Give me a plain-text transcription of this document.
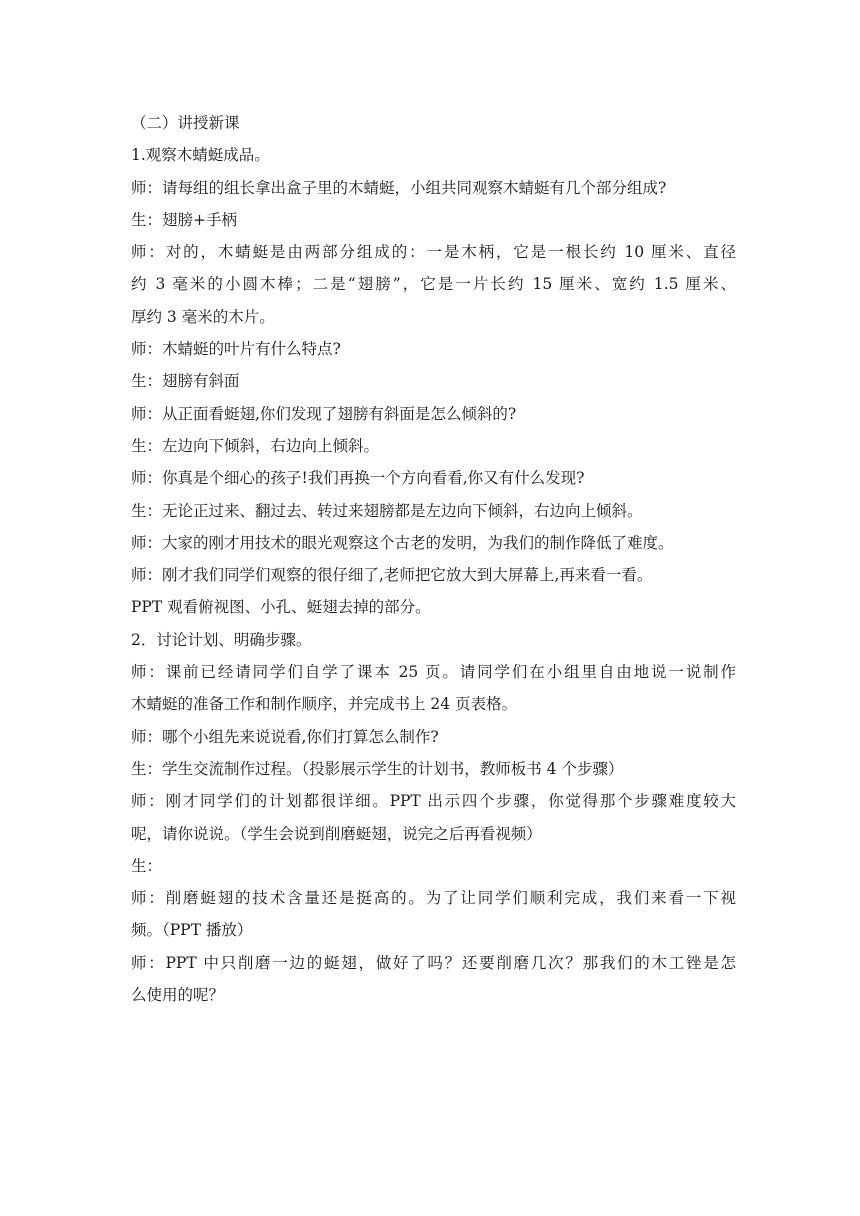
（二）讲授新课
1.观察木蜻蜓成品。
师：请每组的组长拿出盒子里的木蜻蜓，小组共同观察木蜻蜓有几个部分组成?
生：翅膀+手柄
师：对的，木蜻蜓是由两部分组成的：一是木柄，它是一根长约 10 厘米、直径
约 3 毫米的小圆木棒；二是“翅膀”，它是一片长约 15 厘米、宽约 1.5 厘米、
厚约 3 毫米的木片。
师：木蜻蜓的叶片有什么特点?
生：翅膀有斜面
师：从正面看蜓翅,你们发现了翅膀有斜面是怎么倾斜的?
生：左边向下倾斜，右边向上倾斜。
师：你真是个细心的孩子!我们再换一个方向看看,你又有什么发现?
生：无论正过来、翻过去、转过来翅膀都是左边向下倾斜，右边向上倾斜。
师：大家的刚才用技术的眼光观察这个古老的发明，为我们的制作降低了难度。
师：刚才我们同学们观察的很仔细了,老师把它放大到大屏幕上,再来看一看。
PPT 观看俯视图、小孔、蜓翅去掉的部分。
2．讨论计划、明确步骤。
师：课前已经请同学们自学了课本 25 页。请同学们在小组里自由地说一说制作
木蜻蜓的准备工作和制作顺序，并完成书上 24 页表格。
师：哪个小组先来说说看,你们打算怎么制作?
生：学生交流制作过程。（投影展示学生的计划书，教师板书 4 个步骤）
师：刚才同学们的计划都很详细。PPT 出示四个步骤，你觉得那个步骤难度较大
呢，请你说说。（学生会说到削磨蜓翅，说完之后再看视频）
生：
师：削磨蜓翅的技术含量还是挺高的。为了让同学们顺利完成，我们来看一下视
频。（PPT 播放）
师：PPT 中只削磨一边的蜓翅，做好了吗？还要削磨几次？那我们的木工锉是怎
么使用的呢？
